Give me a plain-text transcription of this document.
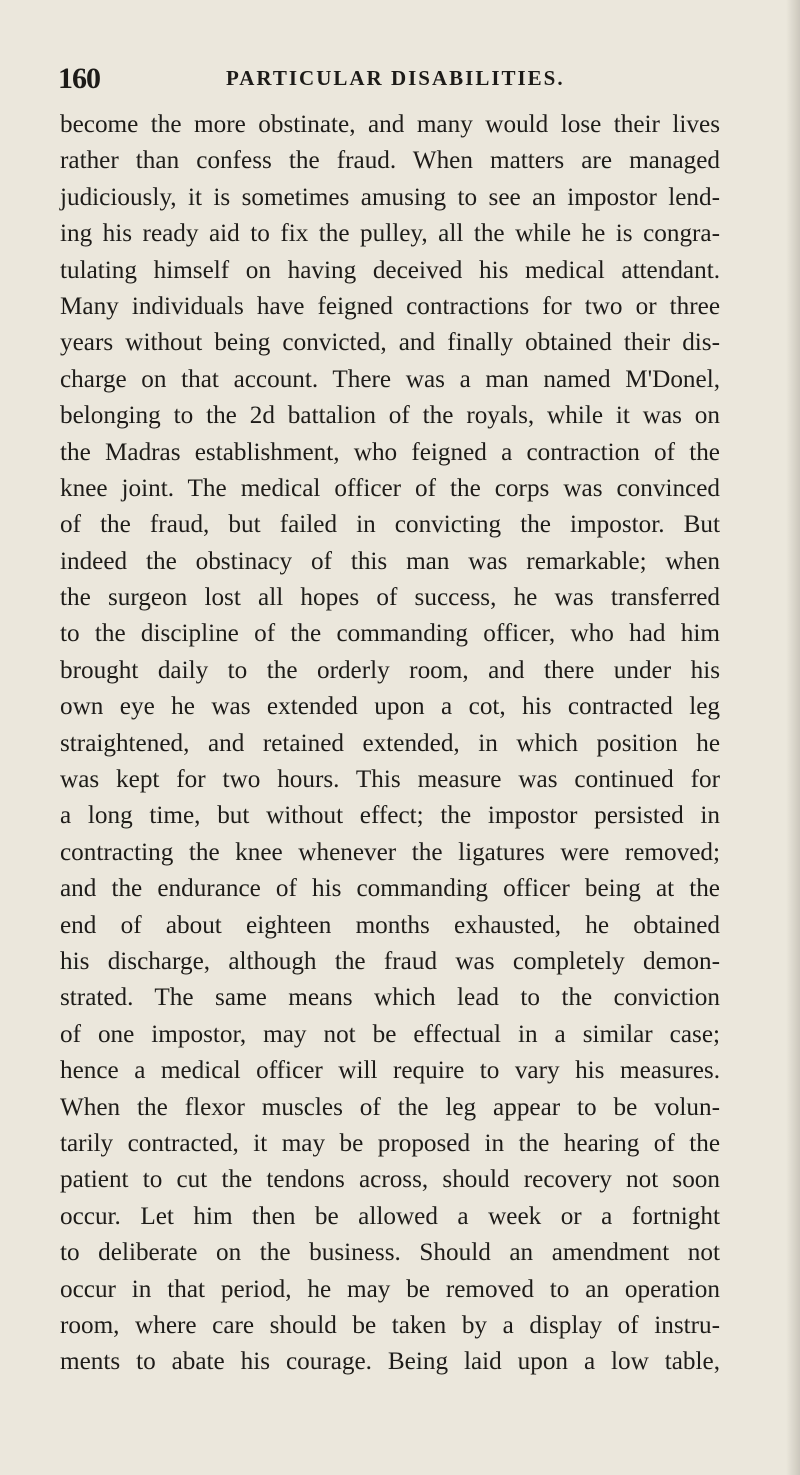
160	PARTICULAR DISABILITIES.
become the more obstinate, and many would lose their lives
rather than confess the fraud. When matters are managed
judiciously, it is sometimes amusing to see an impostor lend-
ing his ready aid to fix the pulley, all the while he is congra-
tulating himself on having deceived his medical attendant.
Many individuals have feigned contractions for two or three
years without being convicted, and finally obtained their dis-
charge on that account. There was a man named M'Donel,
belonging to the 2d battalion of the royals, while it was on
the Madras establishment, who feigned a contraction of the
knee joint. The medical officer of the corps was convinced
of the fraud, but failed in convicting the impostor. But
indeed the obstinacy of this man was remarkable; when
the surgeon lost all hopes of success, he was transferred
to the discipline of the commanding officer, who had him
brought daily to the orderly room, and there under his
own eye he was extended upon a cot, his contracted leg
straightened, and retained extended, in which position he
was kept for two hours. This measure was continued for
a long time, but without effect; the impostor persisted in
contracting the knee whenever the ligatures were removed;
and the endurance of his commanding officer being at the
end of about eighteen months exhausted, he obtained
his discharge, although the fraud was completely demon-
strated. The same means which lead to the conviction
of one impostor, may not be effectual in a similar case;
hence a medical officer will require to vary his measures.
When the flexor muscles of the leg appear to be volun-
tarily contracted, it may be proposed in the hearing of the
patient to cut the tendons across, should recovery not soon
occur. Let him then be allowed a week or a fortnight
to deliberate on the business. Should an amendment not
occur in that period, he may be removed to an operation
room, where care should be taken by a display of instru-
ments to abate his courage. Being laid upon a low table,
